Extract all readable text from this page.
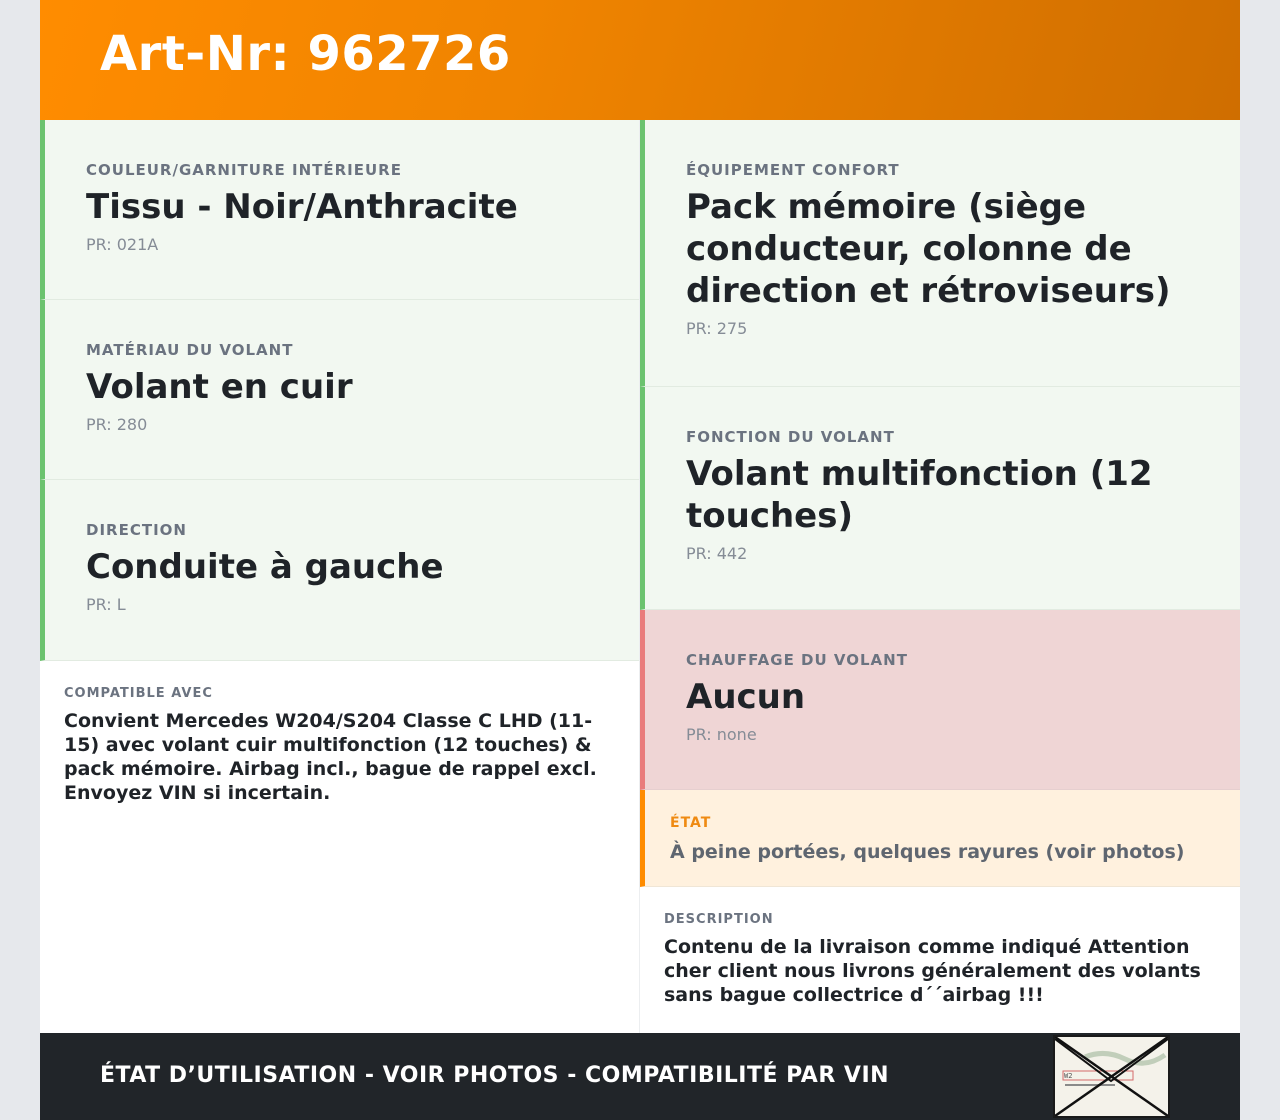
Art-Nr: 962726
COULEUR/GARNITURE INTÉRIEURE
Tissu - Noir/Anthracite
PR: 021A
MATÉRIAU DU VOLANT
Volant en cuir
PR: 280
DIRECTION
Conduite à gauche
PR: L
COMPATIBLE AVEC
Convient Mercedes W204/S204 Classe C LHD (11-15) avec volant cuir multifonction (12 touches) & pack mémoire. Airbag incl., bague de rappel excl. Envoyez VIN si incertain.
ÉQUIPEMENT CONFORT
Pack mémoire (siège conducteur, colonne de direction et rétroviseurs)
PR: 275
FONCTION DU VOLANT
Volant multifonction (12 touches)
PR: 442
CHAUFFAGE DU VOLANT
Aucun
PR: none
ÉTAT
À peine portées, quelques rayures (voir photos)
DESCRIPTION
Contenu de la livraison comme indiqué Attention cher client nous livrons généralement des volants sans bague collectrice d´´airbag !!!
ÉTAT D’UTILISATION - VOIR PHOTOS - COMPATIBILITÉ PAR VIN	W2
